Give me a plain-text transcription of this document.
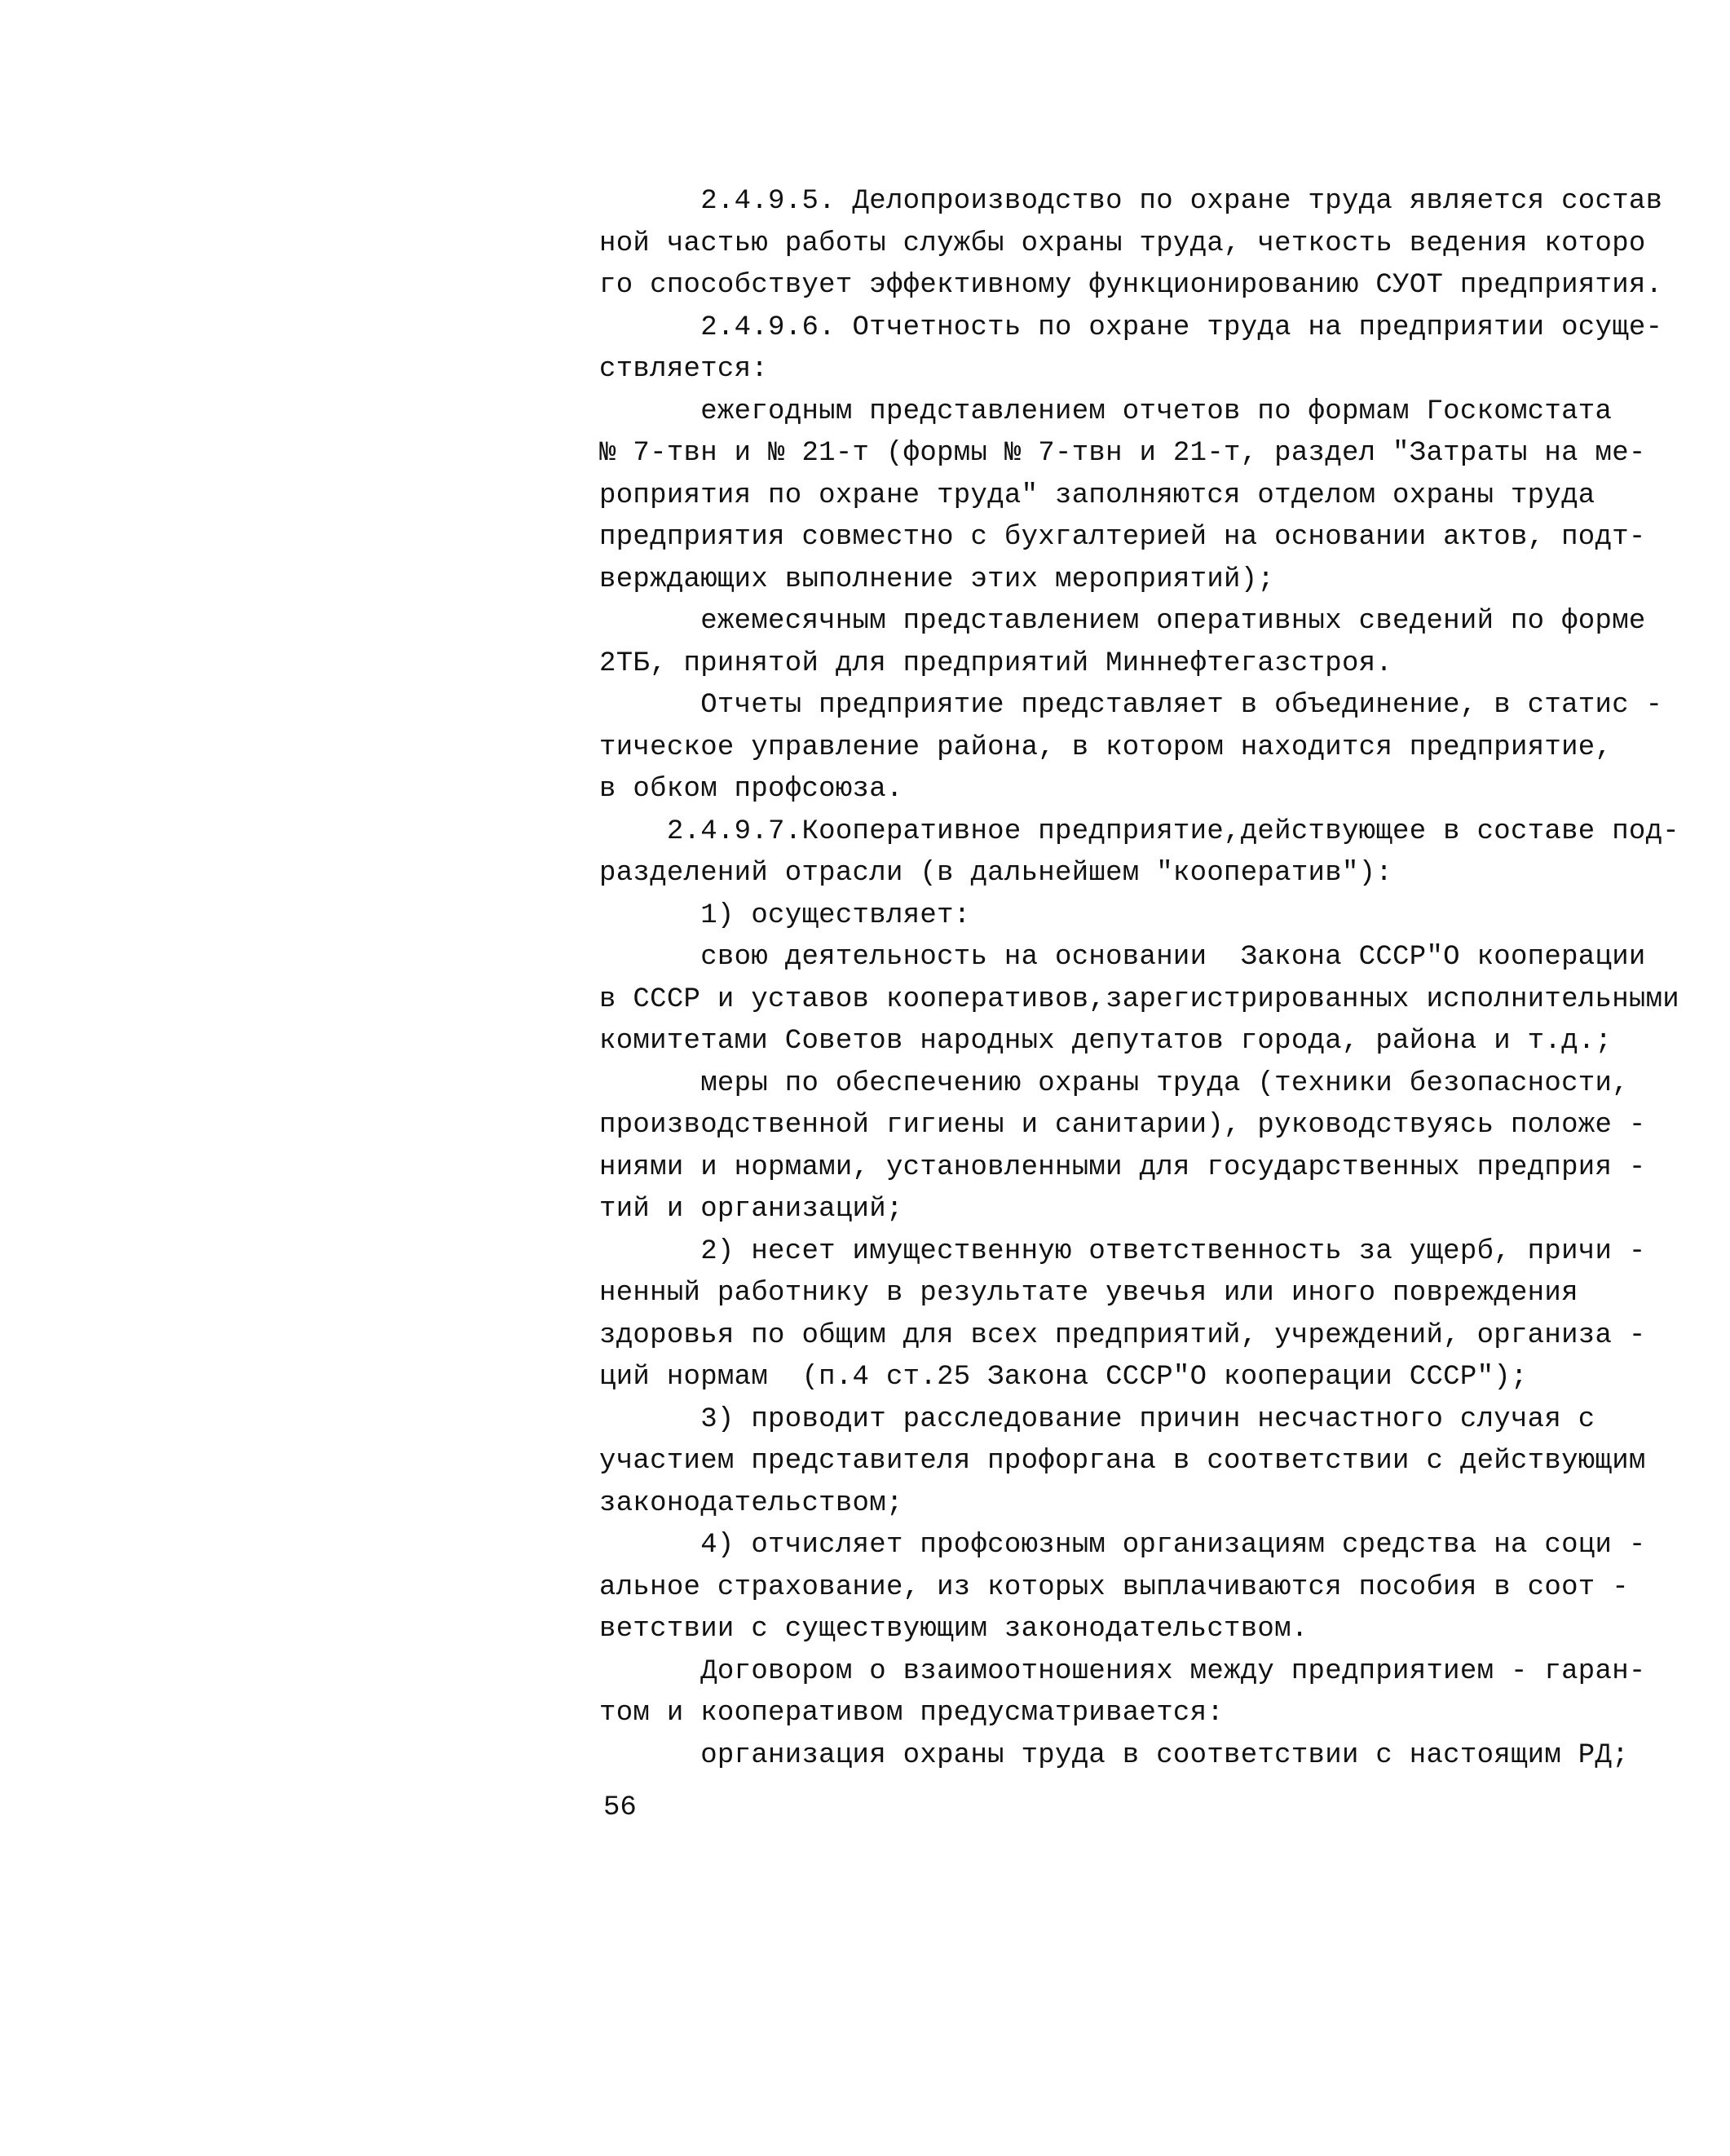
2.4.9.5. Делопроизводство по охране труда является состав
ной частью работы службы охраны труда, четкость ведения которо
го способствует эффективному функционированию СУОТ предприятия.
2.4.9.6. Отчетность по охране труда на предприятии осуще-
ствляется:
ежегодным представлением отчетов по формам Госкомстата
№ 7-твн и № 21-т (формы № 7-твн и 21-т, раздел "Затраты на ме-
роприятия по охране труда" заполняются отделом охраны труда
предприятия совместно с бухгалтерией на основании актов, подт-
верждающих выполнение этих мероприятий);
ежемесячным представлением оперативных сведений по форме
2ТБ, принятой для предприятий Миннефтегазстроя.
Отчеты предприятие представляет в объединение, в статис -
тическое управление района, в котором находится предприятие,
в обком профсоюза.
2.4.9.7.Кооперативное предприятие,действующее в составе под-
разделений отрасли (в дальнейшем "кооператив"):
1) осуществляет:
свою деятельность на основании  Закона СССР"О кооперации
в СССР и уставов кооперативов,зарегистрированных исполнительными
комитетами Советов народных депутатов города, района и т.д.;
меры по обеспечению охраны труда (техники безопасности,
производственной гигиены и санитарии), руководствуясь положе -
ниями и нормами, установленными для государственных предприя -
тий и организаций;
2) несет имущественную ответственность за ущерб, причи -
ненный работнику в результате увечья или иного повреждения
здоровья по общим для всех предприятий, учреждений, организа -
ций нормам  (п.4 ст.25 Закона СССР"О кооперации СССР");
3) проводит расследование причин несчастного случая с
участием представителя профоргана в соответствии с действующим
законодательством;
4) отчисляет профсоюзным организациям средства на соци -
альное страхование, из которых выплачиваются пособия в соот -
ветствии с существующим законодательством.
Договором о взаимоотношениях между предприятием - гаран-
том и кооперативом предусматривается:
организация охраны труда в соответствии с настоящим РД;
56
